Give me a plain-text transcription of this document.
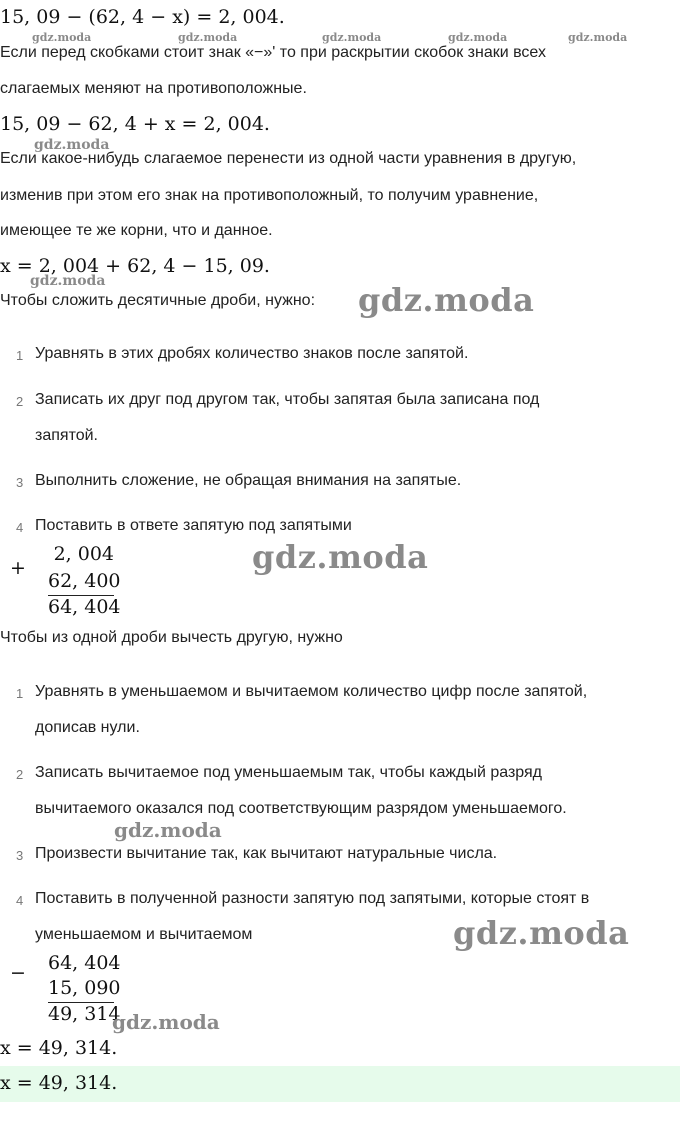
15, 09 − (62, 4 − x) = 2, 004.
gdz.moda	gdz.moda	gdz.moda	gdz.moda	gdz.moda
Если перед скобками стоит знак «−»' то при раскрытии скобок знаки всех
слагаемых меняют на противоположные.
15, 09 − 62, 4 + x = 2, 004.
gdz.moda
Если какое-нибудь слагаемое перенести из одной части уравнения в другую,
изменив при этом его знак на противоположный, то получим уравнение,
имеющее те же корни, что и данное.
x = 2, 004 + 62, 4 − 15, 09.
gdz.moda
Чтобы сложить десятичные дроби, нужно: gdz.moda
1 Уравнять в этих дробях количество знаков после запятой.
2 Записать их друг под другом так, чтобы запятая была записана под
запятой.
3 Выполнить сложение, не обращая внимания на запятые.
4 Поставить в ответе запятую под запятыми
+
2, 004
62, 400
64, 404
gdz.moda
Чтобы из одной дроби вычесть другую, нужно
1 Уравнять в уменьшаемом и вычитаемом количество цифр после запятой,
дописав нули.
2 Записать вычитаемое под уменьшаемым так, чтобы каждый разряд
вычитаемого оказался под соответствующим разрядом уменьшаемого.
gdz.moda
3 Произвести вычитание так, как вычитают натуральные числа.
4 Поставить в полученной разности запятую под запятыми, которые стоят в
уменьшаемом и вычитаемом	gdz.moda
− 64, 404
15, 090
49, 314
gdz.moda
x = 49, 314.
x = 49, 314.
